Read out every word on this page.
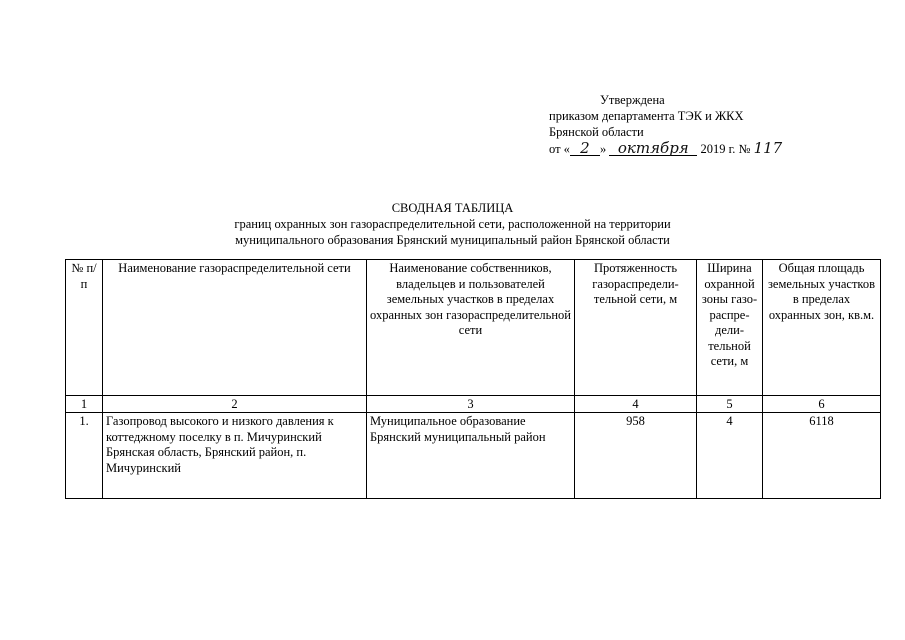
Утверждена
приказом департамента ТЭК и ЖКХ
Брянской области
от « 2 » октября 2019 г. № 117
СВОДНАЯ ТАБЛИЦА
границ охранных зон газораспределительной сети, расположенной на территории
муниципального образования Брянский муниципальный район Брянской области
№ п/п	Наименование газораспределительной сети	Наименование собственников, владельцев и пользователей земельных участков в пределах охранных зон газораспределительной сети	Протяженность газораспредели-тельной сети, м	Ширина охранной зоны газо-распре-дели-тельной сети, м	Общая площадь земельных участков в пределах охранных зон, кв.м.
1	2	3	4	5	6
1.	Газопровод высокого и низкого давления к коттеджному поселку в п. Мичуринский Брянская область, Брянский район, п. Мичуринский	Муниципальное образование Брянский муниципальный район	958	4	6118
